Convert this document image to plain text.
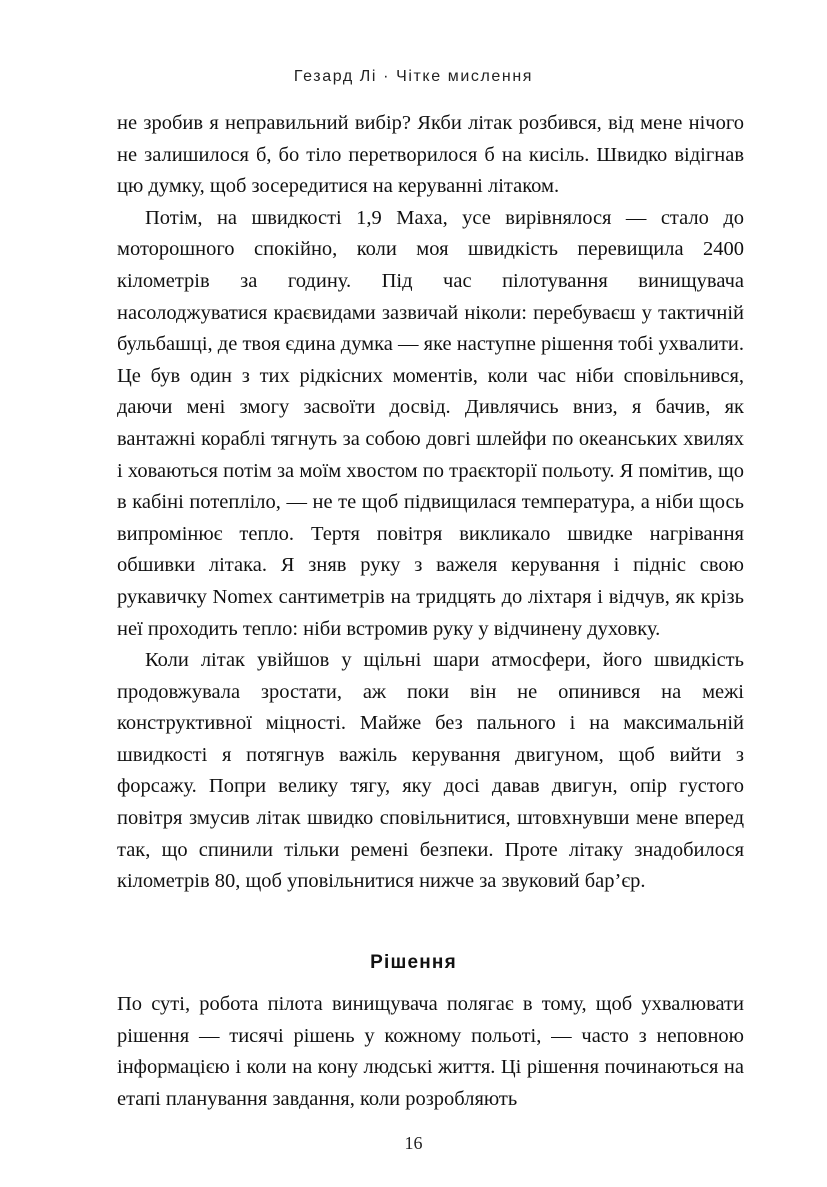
Гезард Лі · Чітке мислення

не зробив я неправильний вибір? Якби літак розбився, від мене нічого не залишилося б, бо тіло перетворилося б на кисіль. Швидко відігнав цю думку, щоб зосередитися на керуванні літаком.

Потім, на швидкості 1,9 Маха, усе вирівнялося — стало до моторошного спокійно, коли моя швидкість перевищила 2400 кілометрів за годину. Під час пілотування винищувача насолоджуватися краєвидами зазвичай ніколи: перебуваєш у тактичній бульбашці, де твоя єдина думка — яке наступне рішення тобі ухвалити. Це був один з тих рідкісних моментів, коли час ніби сповільнився, даючи мені змогу засвоїти досвід. Дивлячись вниз, я бачив, як вантажні кораблі тягнуть за собою довгі шлейфи по океанських хвилях і ховаються потім за моїм хвостом по траєкторії польоту. Я помітив, що в кабіні потепліло, — не те щоб підвищилася температура, а ніби щось випромінює тепло. Тертя повітря викликало швидке нагрівання обшивки літака. Я зняв руку з важеля керування і підніс свою рукавичку Nomex сантиметрів на тридцять до ліхтаря і відчув, як крізь неї проходить тепло: ніби встромив руку у відчинену духовку.

Коли літак увійшов у щільні шари атмосфери, його швидкість продовжувала зростати, аж поки він не опинився на межі конструктивної міцності. Майже без пального і на максимальній швидкості я потягнув важіль керування двигуном, щоб вийти з форсажу. Попри велику тягу, яку досі давав двигун, опір густого повітря змусив літак швидко сповільнитися, штовхнувши мене вперед так, що спинили тільки ремені безпеки. Проте літаку знадобилося кілометрів 80, щоб уповільнитися нижче за звуковий бар’єр.

Рішення

По суті, робота пілота винищувача полягає в тому, щоб ухвалювати рішення — тисячі рішень у кожному польоті, — часто з неповною інформацією і коли на кону людські життя. Ці рішення починаються на етапі планування завдання, коли розробляють

16
